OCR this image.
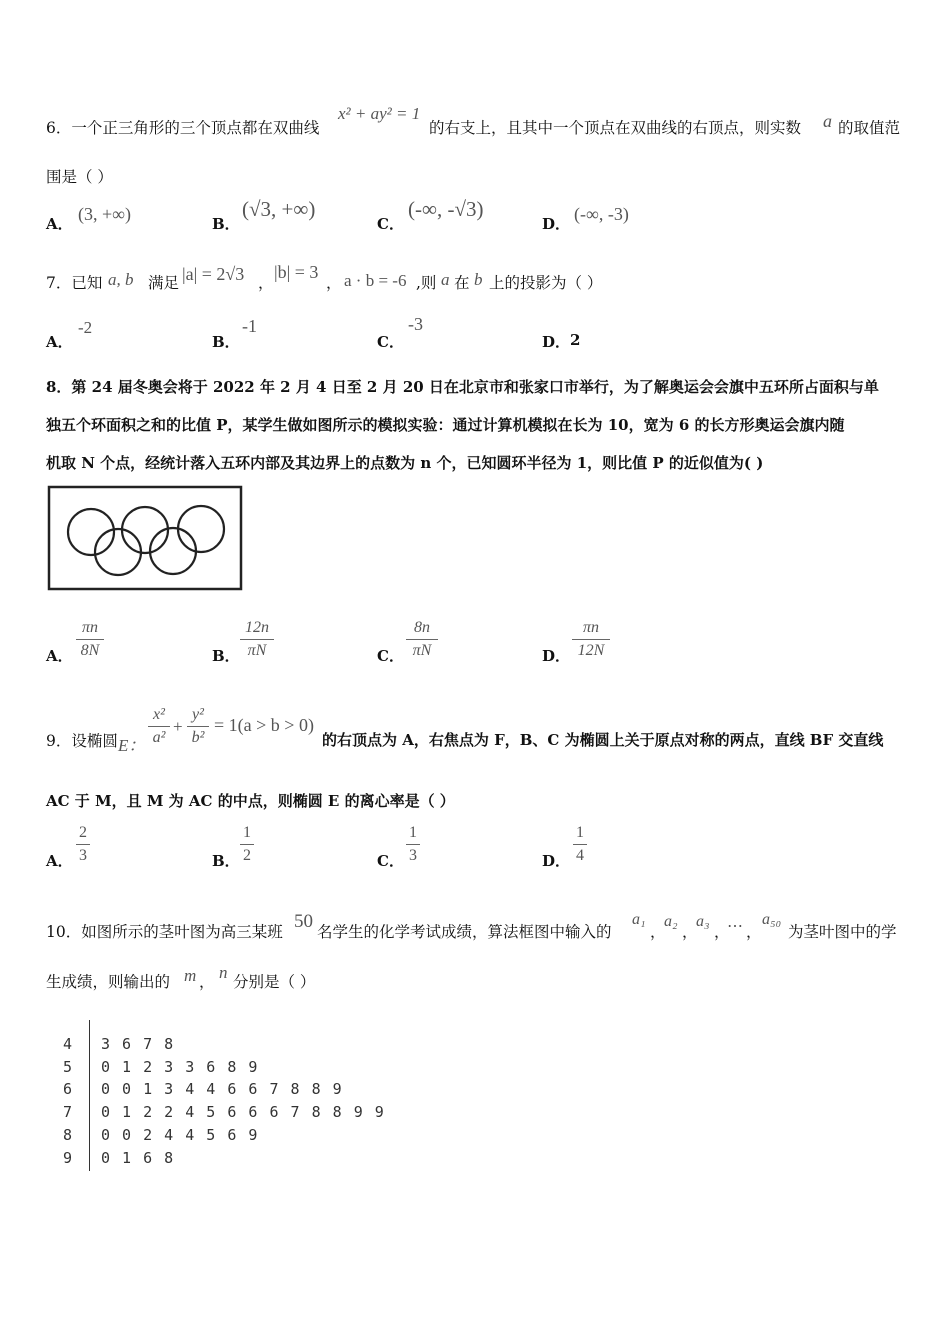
6．一个正三角形的三个顶点都在双曲线
x² + ay² = 1
的右支上，且其中一个顶点在双曲线的右顶点，则实数 a 的取值范
围是（ ）
A． (3, +∞)	B．
(√3, +∞)
C．
(-∞, -√3)
D． (-∞, -3)
7．已知 a, b 满足 |a| = 2√3 ，
|b| = 3
， a · b = -6 ,则 a 在 b 上的投影为（ ）
A．
-2
B．
-1
C．
-3
D． 2
8．第 24 届冬奥会将于 2022 年 2 月 4 日至 2 月 20 日在北京市和张家口市举行，为了解奥运会会旗中五环所占面积与单
独五个环面积之和的比值 P，某学生做如图所示的模拟实验：通过计算机模拟在长为 10，宽为 6 的长方形奥运会旗内随
机取 N 个点，经统计落入五环内部及其边界上的点数为 n 个，已知圆环半径为 1，则比值 P 的近似值为( )
A．
πn
8N	B．
12n
πN	C．
8n
πN	D．
πn
12N
9．设椭圆 E：
x²
a²
+
y²
b²
= 1(a > b > 0)
的右顶点为 A，右焦点为 F，B、C 为椭圆上关于原点对称的两点，直线 BF 交直线
AC 于 M，且 M 为 AC 的中点，则椭圆 E 的离心率是（ ）
A．
2
3	B．
1
2	C．
1
3	D．
1
4
10．如图所示的茎叶图为高三某班 50 名学生的化学考试成绩，算法框图中输入的
a₁
，
a₂
，
a₃
，
⋯ ，
a₅₀
为茎叶图中的学
生成绩，则输出的 m ， n 分别是（ ）
4 3 6 7 8
5 0 1 2 3 3 6 8 9
6 0 0 1 3 4 4 6 6 7 8 8 9
7 0 1 2 2 4 5 6 6 6 7 8 8 9 9
8 0 0 2 4 4 5 6 9
9 0 1 6 8
